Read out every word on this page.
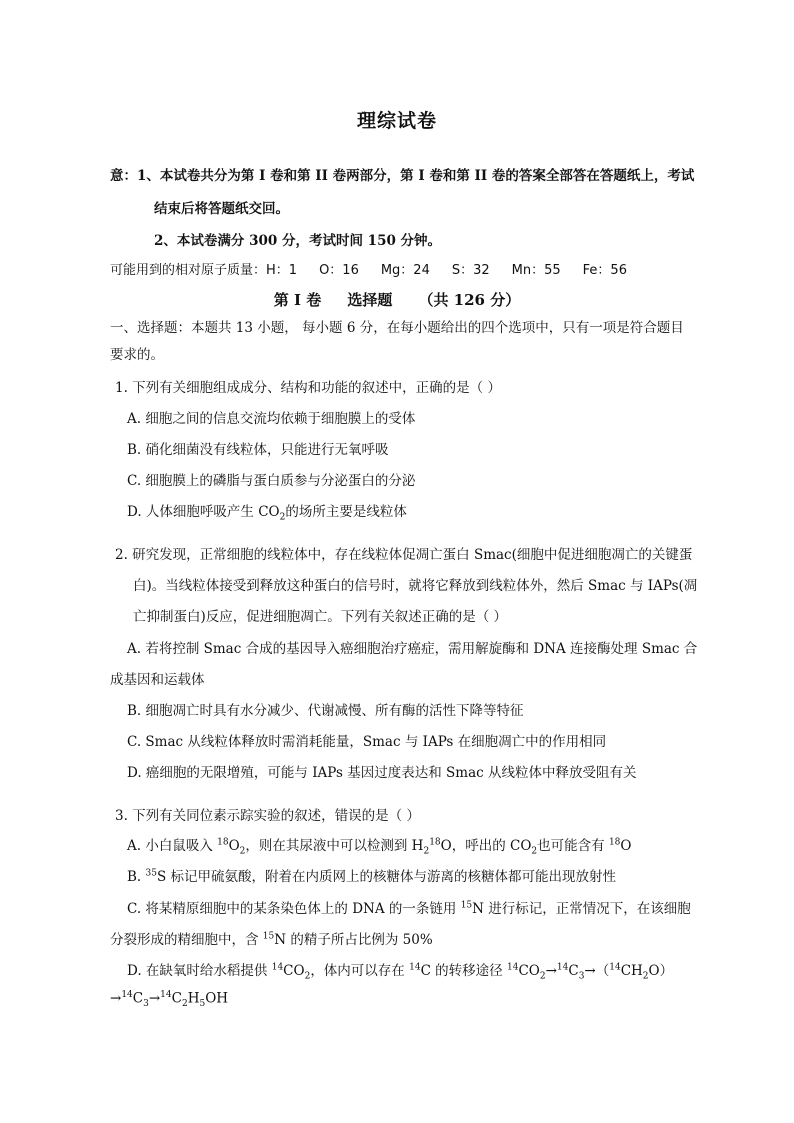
理综试卷
意：1、本试卷共分为第 I 卷和第 II 卷两部分，第 I 卷和第 II 卷的答案全部答在答题纸上，考试
结束后将答题纸交回。
2、本试卷满分 300 分，考试时间 150 分钟。
可能用到的相对原子质量：H：1 O：16 Mg：24 S：32 Mn：55 Fe：56
第 I 卷     选择题     （共 126 分）
一、选择题：本题共 13 小题， 每小题 6 分，在每小题给出的四个选项中，只有一项是符合题目
要求的。
1. 下列有关细胞组成成分、结构和功能的叙述中，正确的是（ ）
A. 细胞之间的信息交流均依赖于细胞膜上的受体
B. 硝化细菌没有线粒体，只能进行无氧呼吸
C. 细胞膜上的磷脂与蛋白质参与分泌蛋白的分泌
D. 人体细胞呼吸产生 $CO_2$的场所主要是线粒体
2. 研究发现，正常细胞的线粒体中，存在线粒体促凋亡蛋白 Smac(细胞中促进细胞凋亡的关键蛋
白)。当线粒体接受到释放这种蛋白的信号时，就将它释放到线粒体外，然后 Smac 与 IAPs(凋
亡抑制蛋白)反应，促进细胞凋亡。下列有关叙述正确的是（ ）
A. 若将控制 Smac 合成的基因导入癌细胞治疗癌症，需用解旋酶和 DNA 连接酶处理 Smac 合
成基因和运载体
B. 细胞凋亡时具有水分减少、代谢减慢、所有酶的活性下降等特征
C. Smac 从线粒体释放时需消耗能量，Smac 与 IAPs 在细胞凋亡中的作用相同
D. 癌细胞的无限增殖，可能与 IAPs 基因过度表达和 Smac 从线粒体中释放受阻有关
3. 下列有关同位素示踪实验的叙述，错误的是（ ）
A. 小白鼠吸入 $^{18}O_2$，则在其尿液中可以检测到 $H_2^{18}O$，呼出的 $CO_2$也可能含有 $^{18}$O
B. $^{35}$S 标记甲硫氨酸，附着在内质网上的核糖体与游离的核糖体都可能出现放射性
C. 将某精原细胞中的某条染色体上的 DNA 的一条链用 $^{15}$N 进行标记，正常情况下，在该细胞
分裂形成的精细胞中，含 $^{15}$N 的精子所占比例为 50%
D. 在缺氧时给水稻提供 $^{14}CO_2$，体内可以存在 $^{14}$C 的转移途径 $^{14}CO_2\to^{14}C_3\to(^{14}CH_2O)$
$\to^{14}C_3\to^{14}C_2H_5OH$
